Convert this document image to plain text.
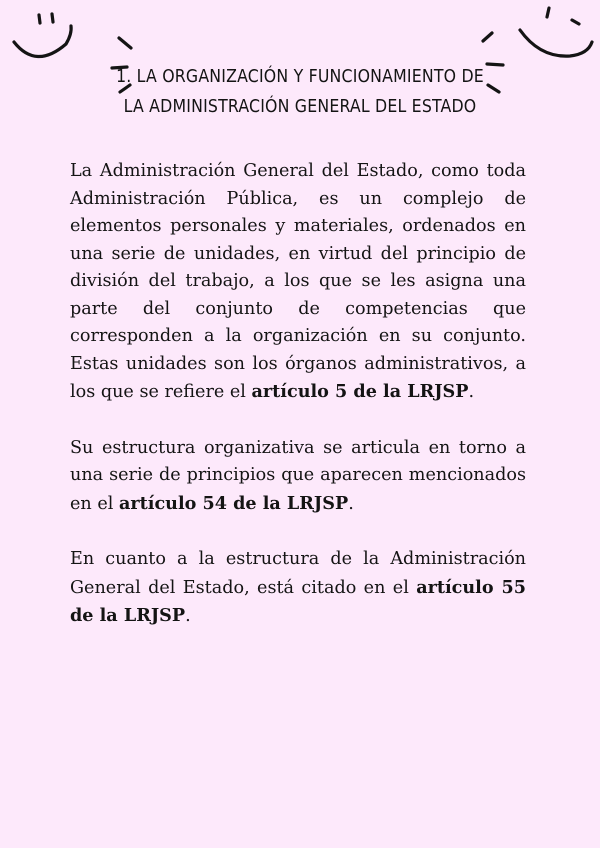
1. LA ORGANIZACIÓN Y FUNCIONAMIENTO DE
LA ADMINISTRACIÓN GENERAL DEL ESTADO

La Administración General del Estado, como toda Administración Pública, es un complejo de elementos personales y materiales, ordenados en una serie de unidades, en virtud del principio de división del trabajo, a los que se les asigna una parte del conjunto de competencias que corresponden a la organización en su conjunto. Estas unidades son los órganos administrativos, a los que se refiere el artículo 5 de la LRJSP.

Su estructura organizativa se articula en torno a una serie de principios que aparecen mencionados en el artículo 54 de la LRJSP.

En cuanto a la estructura de la Administración General del Estado, está citado en el artículo 55 de la LRJSP.
